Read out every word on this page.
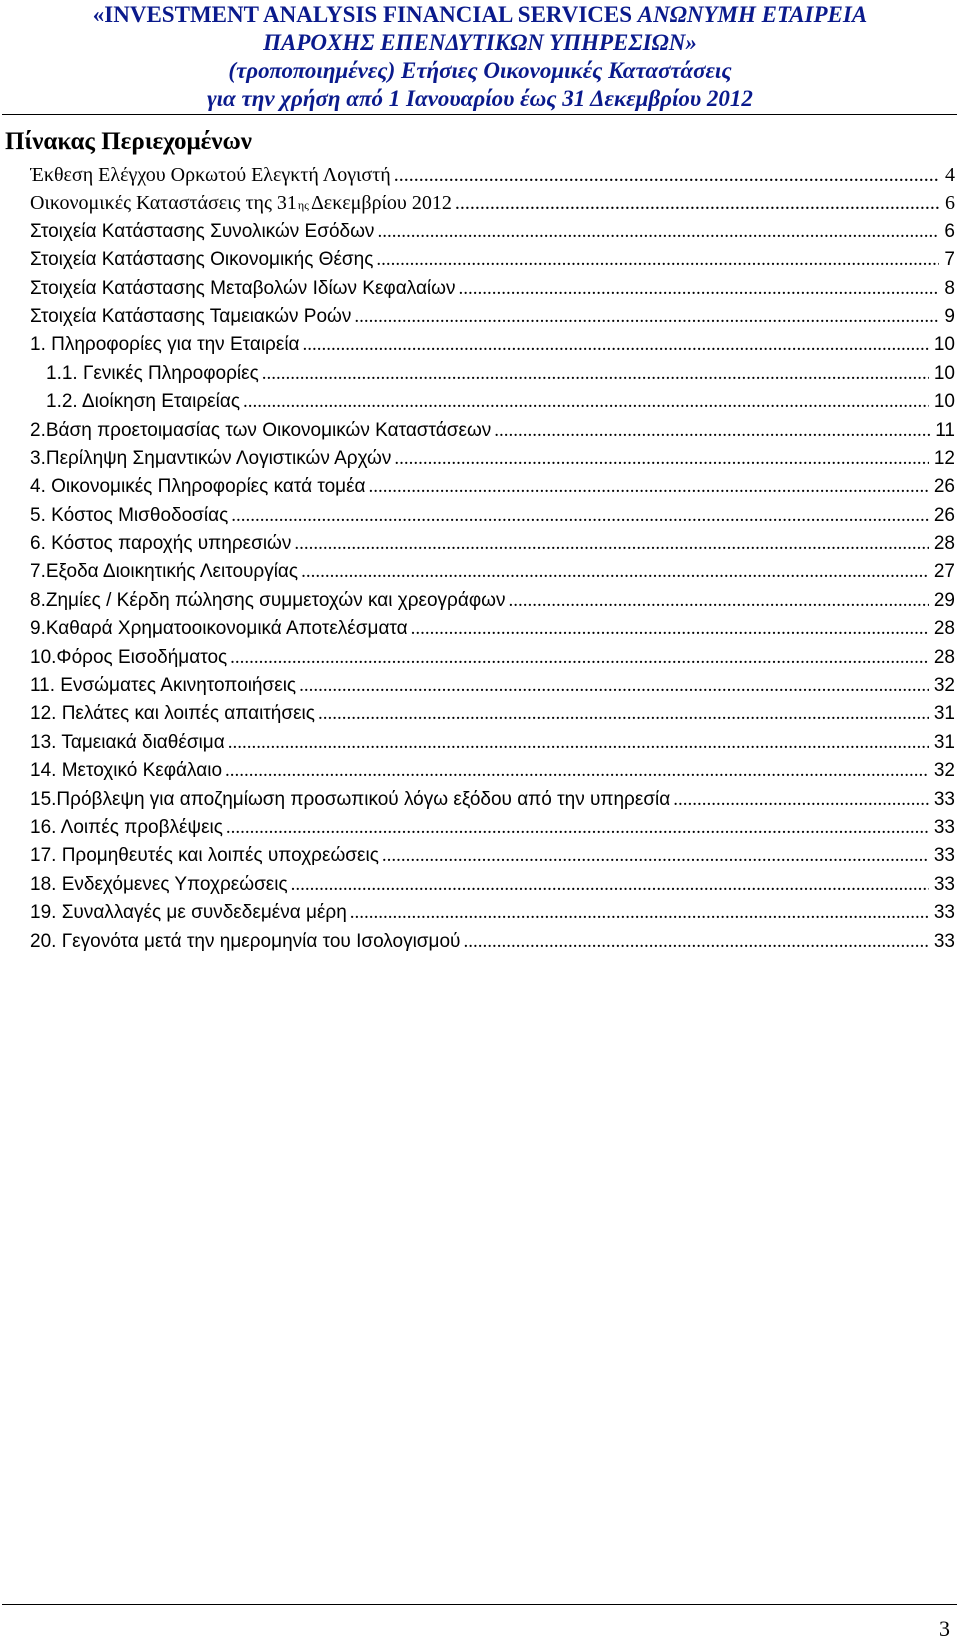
«INVESTMENT ANALYSIS FINANCIAL SERVICES ΑΝΩΝΥΜΗ ΕΤΑΙΡΕΙΑ
ΠΑΡΟΧΗΣ ΕΠΕΝΔΥΤΙΚΩΝ ΥΠΗΡΕΣΙΩΝ»
(τροποποιημένες) Ετήσιες Οικονομικές Καταστάσεις
για την χρήση από 1 Ιανουαρίου έως 31 Δεκεμβρίου 2012
Πίνακας Περιεχομένων
Έκθεση Ελέγχου Ορκωτού Ελεγκτή Λογιστή .....	4
Οικονομικές Καταστάσεις της 31 ης Δεκεμβρίου 2012 .....	6
Στοιχεία Κατάστασης Συνολικών Εσόδων .....	6
Στοιχεία Κατάστασης Οικονομικής Θέσης .....	7
Στοιχεία Κατάστασης Μεταβολών Ιδίων Κεφαλαίων .....	8
Στοιχεία Κατάστασης Ταμειακών Ροών .....	9
1. Πληροφορίες για την Εταιρεία .....	10
1.1. Γενικές Πληροφορίες .....	10
1.2. Διοίκηση Εταιρείας .....	10
2.Βάση προετοιμασίας των Οικονομικών Καταστάσεων .....	11
3.Περίληψη Σημαντικών Λογιστικών Αρχών .....	12
4. Οικονομικές Πληροφορίες κατά τομέα .....	26
5. Κόστος Μισθοδοσίας .....	26
6. Κόστος παροχής υπηρεσιών .....	28
7.Εξοδα Διοικητικής Λειτουργίας .....	27
8.Ζημίες / Κέρδη πώλησης συμμετοχών και χρεογράφων .....	29
9.Καθαρά Χρηματοοικονομικά Αποτελέσματα .....	28
10.Φόρος Εισοδήματος .....	28
11. Ενσώματες Ακινητοποιήσεις .....	32
12. Πελάτες και λοιπές απαιτήσεις .....	31
13. Ταμειακά διαθέσιμα .....	31
14. Μετοχικό Κεφάλαιο .....	32
15.Πρόβλεψη για αποζημίωση προσωπικού λόγω εξόδου από την υπηρεσία .....	33
16. Λοιπές προβλέψεις .....	33
17. Προμηθευτές και λοιπές υποχρεώσεις .....	33
18. Ενδεχόμενες Υποχρεώσεις .....	33
19. Συναλλαγές με συνδεδεμένα μέρη .....	33
20. Γεγονότα μετά την ημερομηνία του Ισολογισμού .....	33
3
